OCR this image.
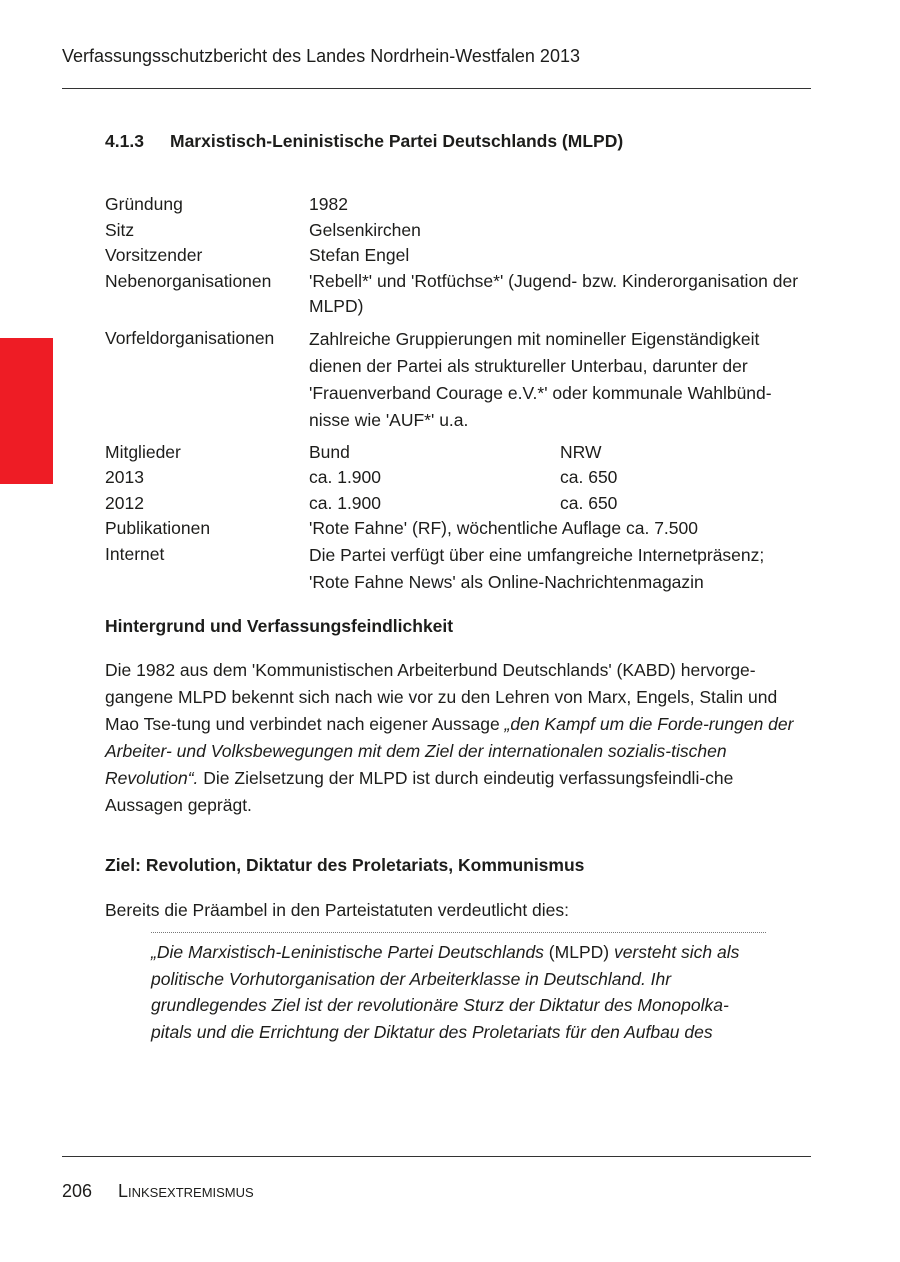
Verfassungsschutzbericht des Landes Nordrhein-Westfalen 2013
4.1.3 Marxistisch-Leninistische Partei Deutschlands (MLPD)
Gründung	1982
Sitz	Gelsenkirchen
Vorsitzender	Stefan Engel
Nebenorganisationen	'Rebell*' und 'Rotfüchse*' (Jugend- bzw. Kinderorganisation der MLPD)
Vorfeldorganisationen	Zahlreiche Gruppierungen mit nomineller Eigenständigkeit dienen der Partei als struktureller Unterbau, darunter der 'Frauenverband Courage e.V.*' oder kommunale Wahlbünd-nisse wie 'AUF*' u.a.
Mitglieder	Bund	NRW
2013	ca. 1.900	ca. 650
2012	ca. 1.900	ca. 650
Publikationen	'Rote Fahne' (RF), wöchentliche Auflage ca. 7.500
Internet	Die Partei verfügt über eine umfangreiche Internetpräsenz; 'Rote Fahne News' als Online-Nachrichtenmagazin
Hintergrund und Verfassungsfeindlichkeit

Die 1982 aus dem 'Kommunistischen Arbeiterbund Deutschlands' (KABD) hervorge-gangene MLPD bekennt sich nach wie vor zu den Lehren von Marx, Engels, Stalin und Mao Tse-tung und verbindet nach eigener Aussage „den Kampf um die Forde-rungen der Arbeiter- und Volksbewegungen mit dem Ziel der internationalen sozialis-tischen Revolution“. Die Zielsetzung der MLPD ist durch eindeutig verfassungsfeindli-che Aussagen geprägt.

Ziel: Revolution, Diktatur des Proletariats, Kommunismus

Bereits die Präambel in den Parteistatuten verdeutlicht dies:

„Die Marxistisch-Leninistische Partei Deutschlands (MLPD) versteht sich als politische Vorhutorganisation der Arbeiterklasse in Deutschland. Ihr grundlegendes Ziel ist der revolutionäre Sturz der Diktatur des Monopolka-pitals und die Errichtung der Diktatur des Proletariats für den Aufbau des

206 Linksextremismus
